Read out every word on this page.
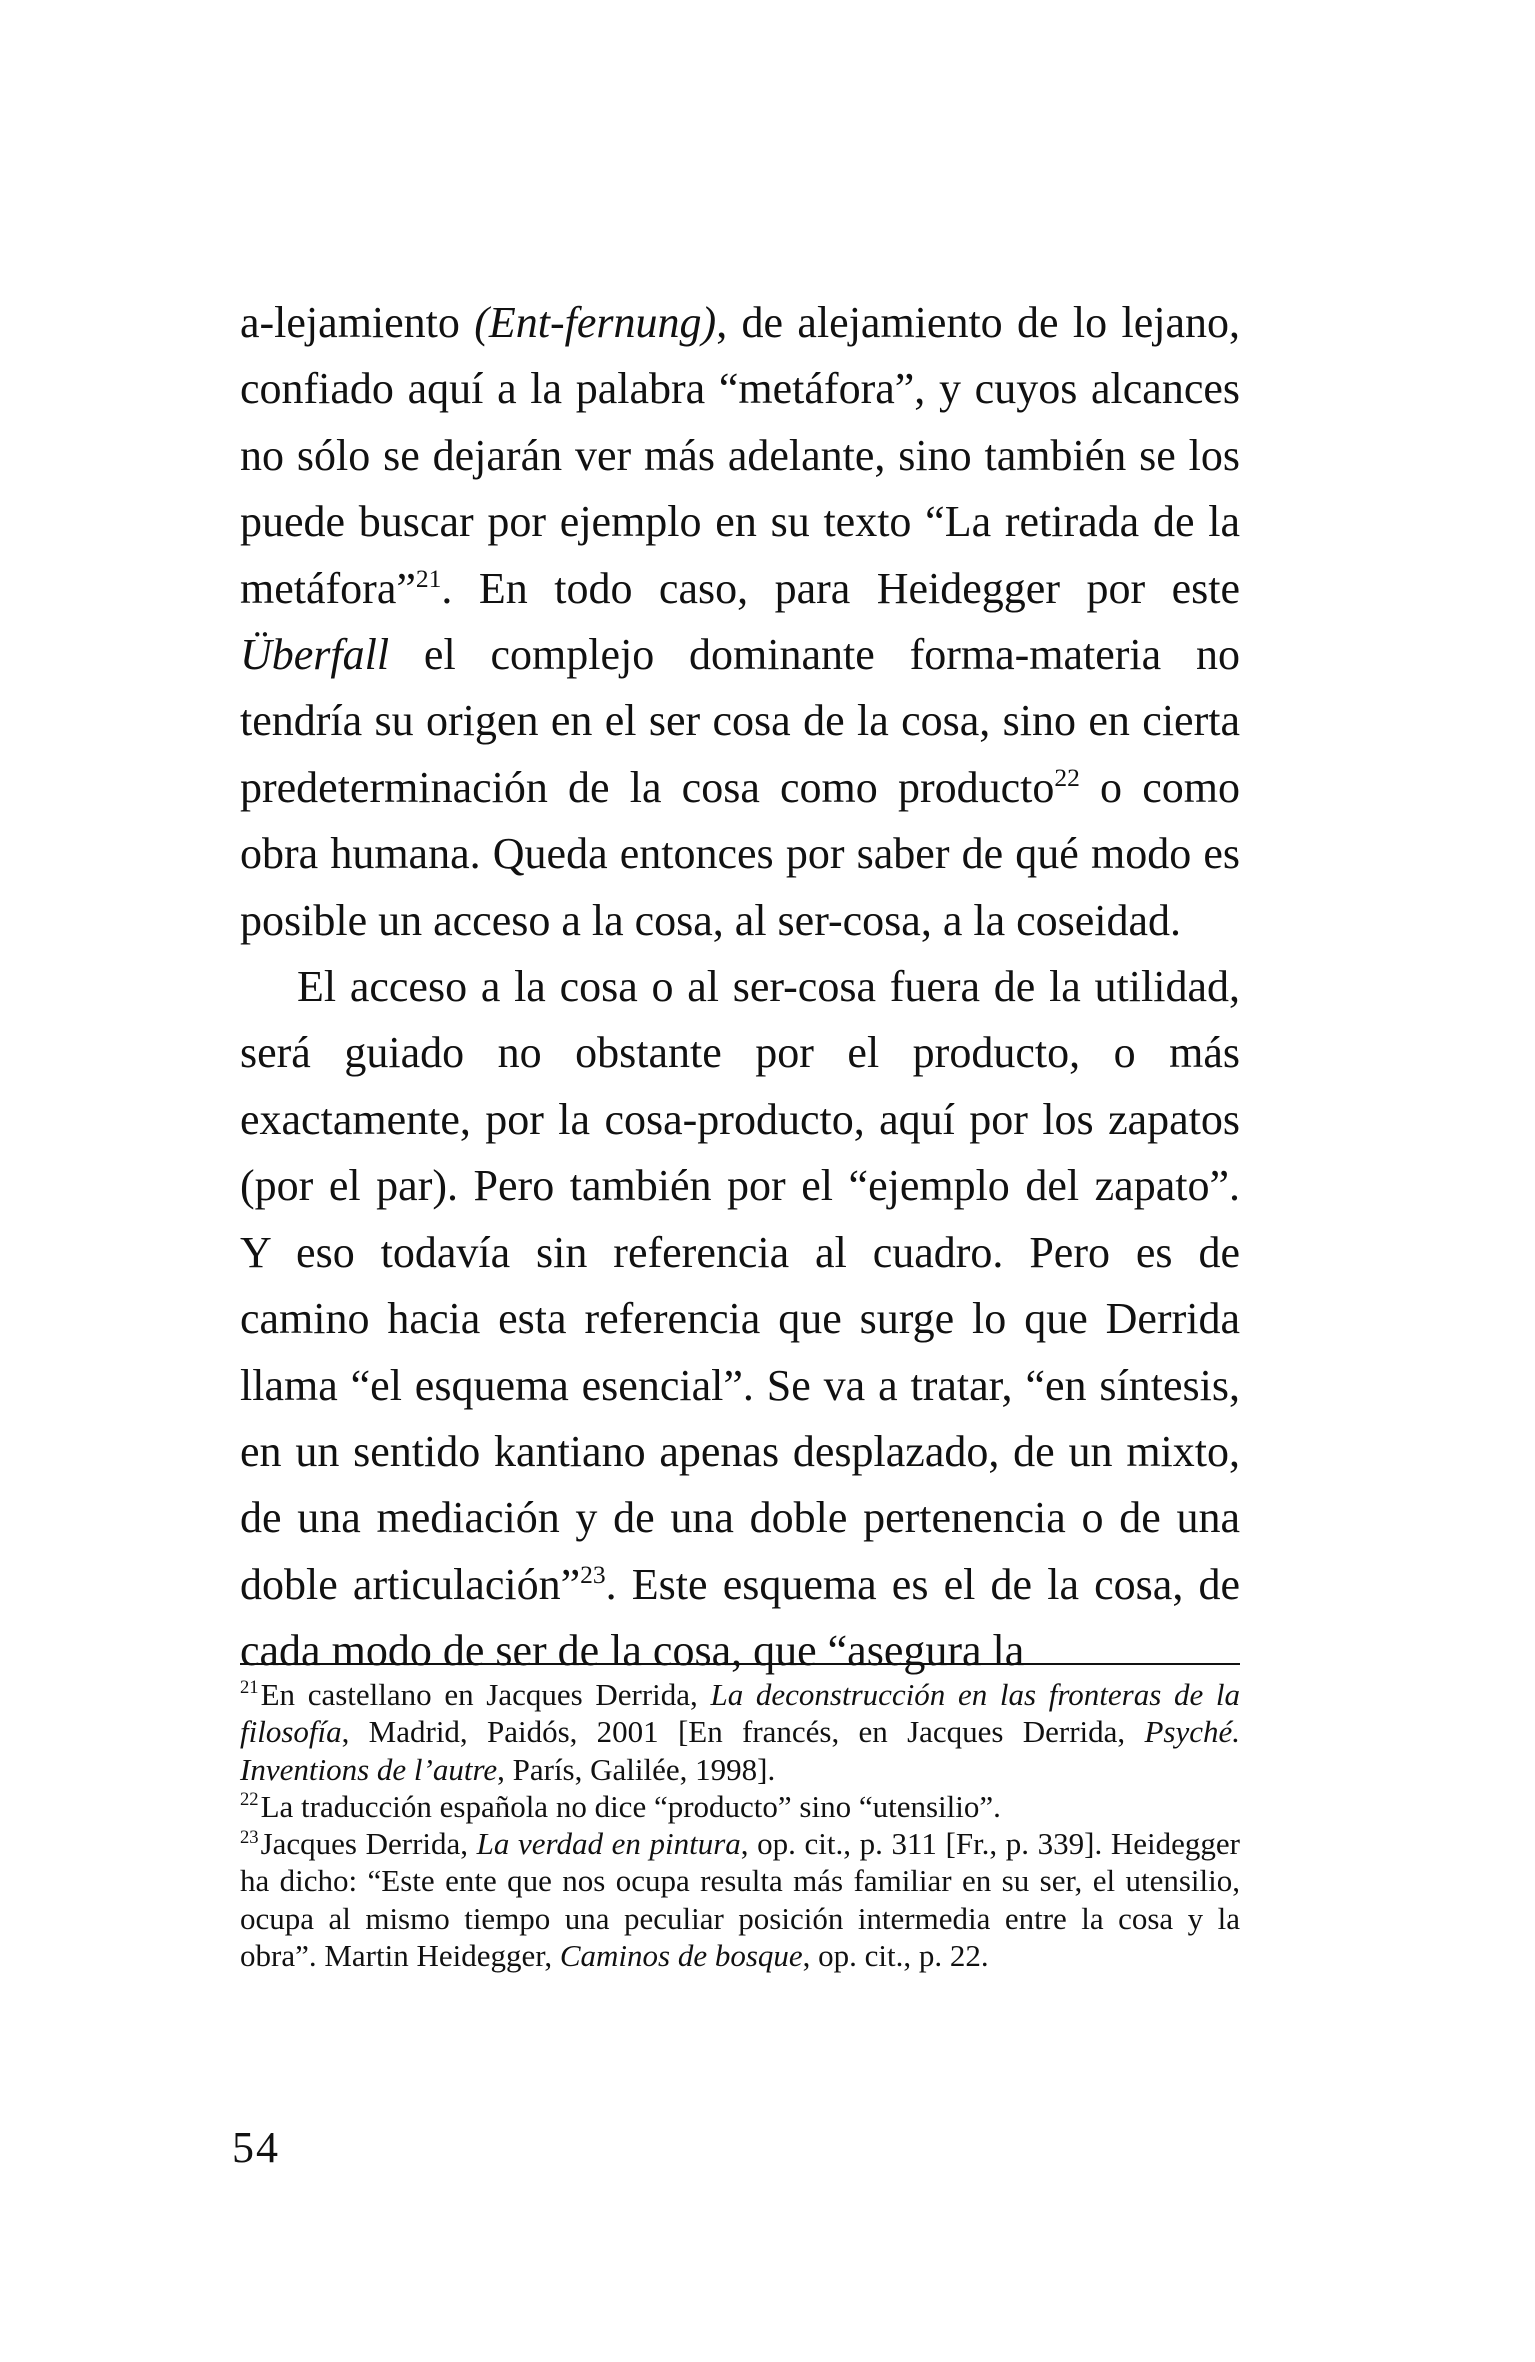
a-lejamiento (Ent-fernung), de alejamiento de lo lejano, confiado aquí a la palabra “metáfora”, y cuyos alcances no sólo se dejarán ver más adelante, sino también se los puede buscar por ejemplo en su texto “La retirada de la metáfora”$^{21}$. En todo caso, para Heidegger por este Überfall el complejo dominante forma-materia no tendría su origen en el ser cosa de la cosa, sino en cierta predeterminación de la cosa como producto$^{22}$ o como obra humana. Queda entonces por saber de qué modo es posible un acceso a la cosa, al ser-cosa, a la coseidad.

El acceso a la cosa o al ser-cosa fuera de la utilidad, será guiado no obstante por el producto, o más exactamente, por la cosa-producto, aquí por los zapatos (por el par). Pero también por el “ejemplo del zapato”. Y eso todavía sin referencia al cuadro. Pero es de camino hacia esta referencia que surge lo que Derrida llama “el esquema esencial”. Se va a tratar, “en síntesis, en un sentido kantiano apenas desplazado, de un mixto, de una mediación y de una doble pertenencia o de una doble articulación”$^{23}$. Este esquema es el de la cosa, de cada modo de ser de la cosa, que “asegura la

$^{21}$En castellano en Jacques Derrida, La deconstrucción en las fronteras de la filosofía, Madrid, Paidós, 2001 [En francés, en Jacques Derrida, Psyché. Inventions de l’autre, París, Galilée, 1998].

$^{22}$La traducción española no dice “producto” sino “utensilio”.

$^{23}$Jacques Derrida, La verdad en pintura, op. cit., p. 311 [Fr., p. 339]. Heidegger ha dicho: “Este ente que nos ocupa resulta más familiar en su ser, el utensilio, ocupa al mismo tiempo una peculiar posición intermedia entre la cosa y la obra”. Martin Heidegger, Caminos de bosque, op. cit., p. 22.

54
